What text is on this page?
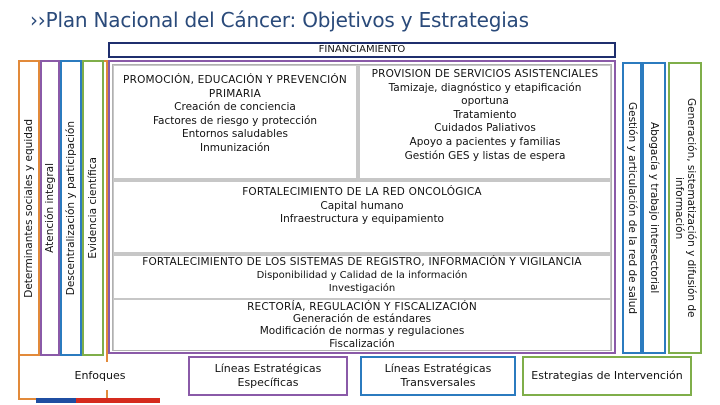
››Plan Nacional del Cáncer: Objetivos y Estrategias
FINANCIAMIENTO
Determinantes sociales y equidad Atención integral Descentralización y participación Evidencia científica
Enfoques
PROMOCIÓN, EDUCACIÓN Y PREVENCIÓN
PRIMARIA
Creación de conciencia
Factores de riesgo y protección
Entornos saludables
Inmunización
PROVISION DE SERVICIOS ASISTENCIALES
Tamizaje, diagnóstico y etapificación
oportuna
Tratamiento
Cuidados Paliativos
Apoyo a pacientes y familias
Gestión GES y listas de espera
FORTALECIMIENTO DE LA RED ONCOLÓGICA
Capital humano
Infraestructura y equipamiento
RECTORÍA, REGULACIÓN Y FISCALIZACIÓN
Generación de estándares
Modificación de normas y regulaciones
Fiscalización
Líneas Estratégicas
Específicas
Gestión y articulación de la red de salud Abogacía y trabajo intersectorial
Líneas Estratégicas
Transversales
Generación, sistematización y difusión de
información
Estrategias de Intervención
FORTALECIMIENTO DE LOS SISTEMAS DE REGISTRO, INFORMACIÓN Y VIGILANCIA
Disponibilidad y Calidad de la información
Investigación
